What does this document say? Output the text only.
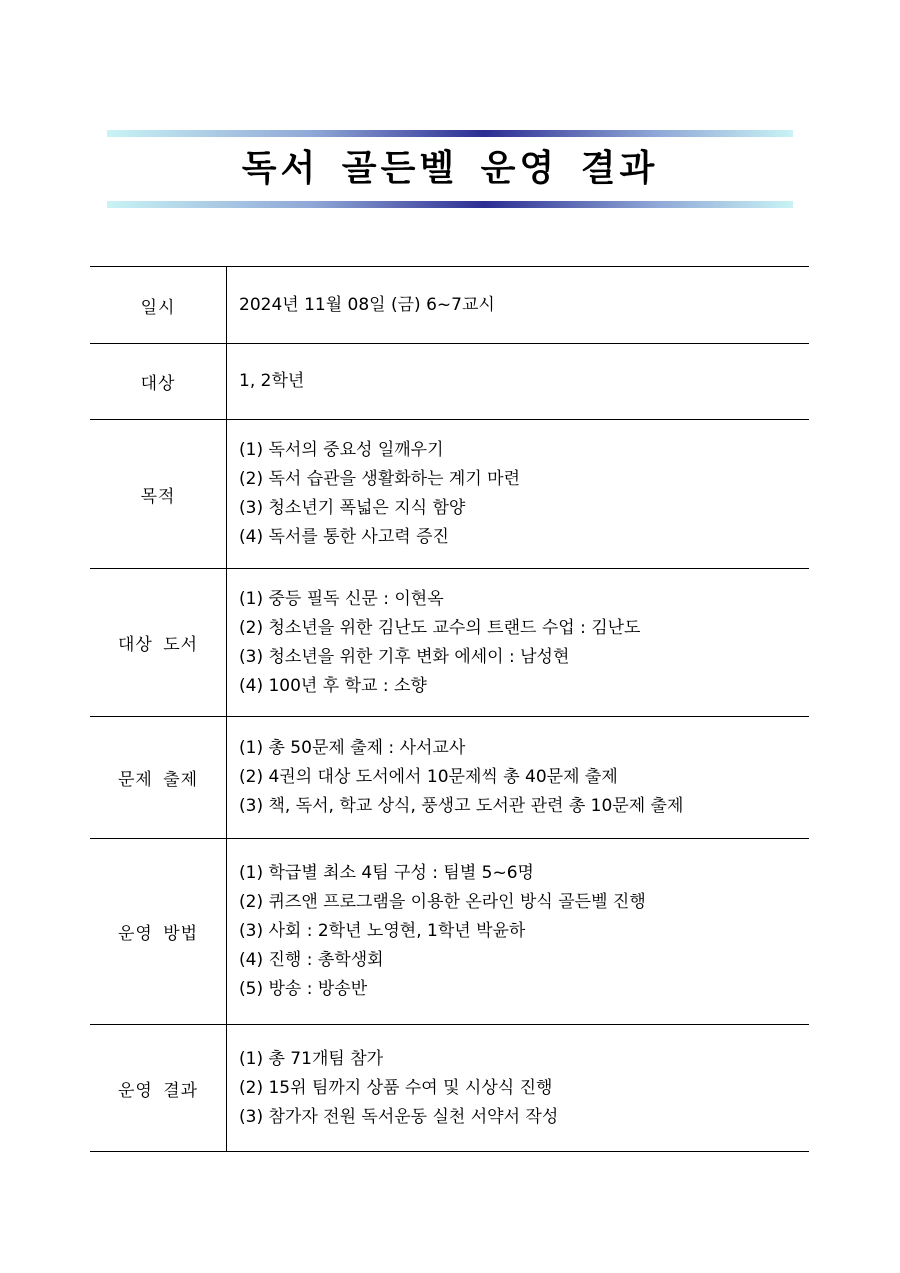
독서 골든벨 운영 결과
일시	2024년 11월 08일 (금) 6~7교시

대상	1, 2학년

목적	(1) 독서의 중요성 일깨우기
(2) 독서 습관을 생활화하는 계기 마련
(3) 청소년기 폭넓은 지식 함양
(4) 독서를 통한 사고력 증진

대상 도서	(1) 중등 필독 신문 : 이현옥
(2) 청소년을 위한 김난도 교수의 트랜드 수업 : 김난도
(3) 청소년을 위한 기후 변화 에세이 : 남성현
(4) 100년 후 학교 : 소향

문제 출제	(1) 총 50문제 출제 : 사서교사
(2) 4권의 대상 도서에서 10문제씩 총 40문제 출제
(3) 책, 독서, 학교 상식, 풍생고 도서관 관련 총 10문제 출제

운영 방법	(1) 학급별 최소 4팀 구성 : 팀별 5~6명
(2) 퀴즈앤 프로그램을 이용한 온라인 방식 골든벨 진행
(3) 사회 : 2학년 노영현, 1학년 박윤하
(4) 진행 : 총학생회
(5) 방송 : 방송반

운영 결과	(1) 총 71개팀 참가
(2) 15위 팀까지 상품 수여 및 시상식 진행
(3) 참가자 전원 독서운동 실천 서약서 작성
